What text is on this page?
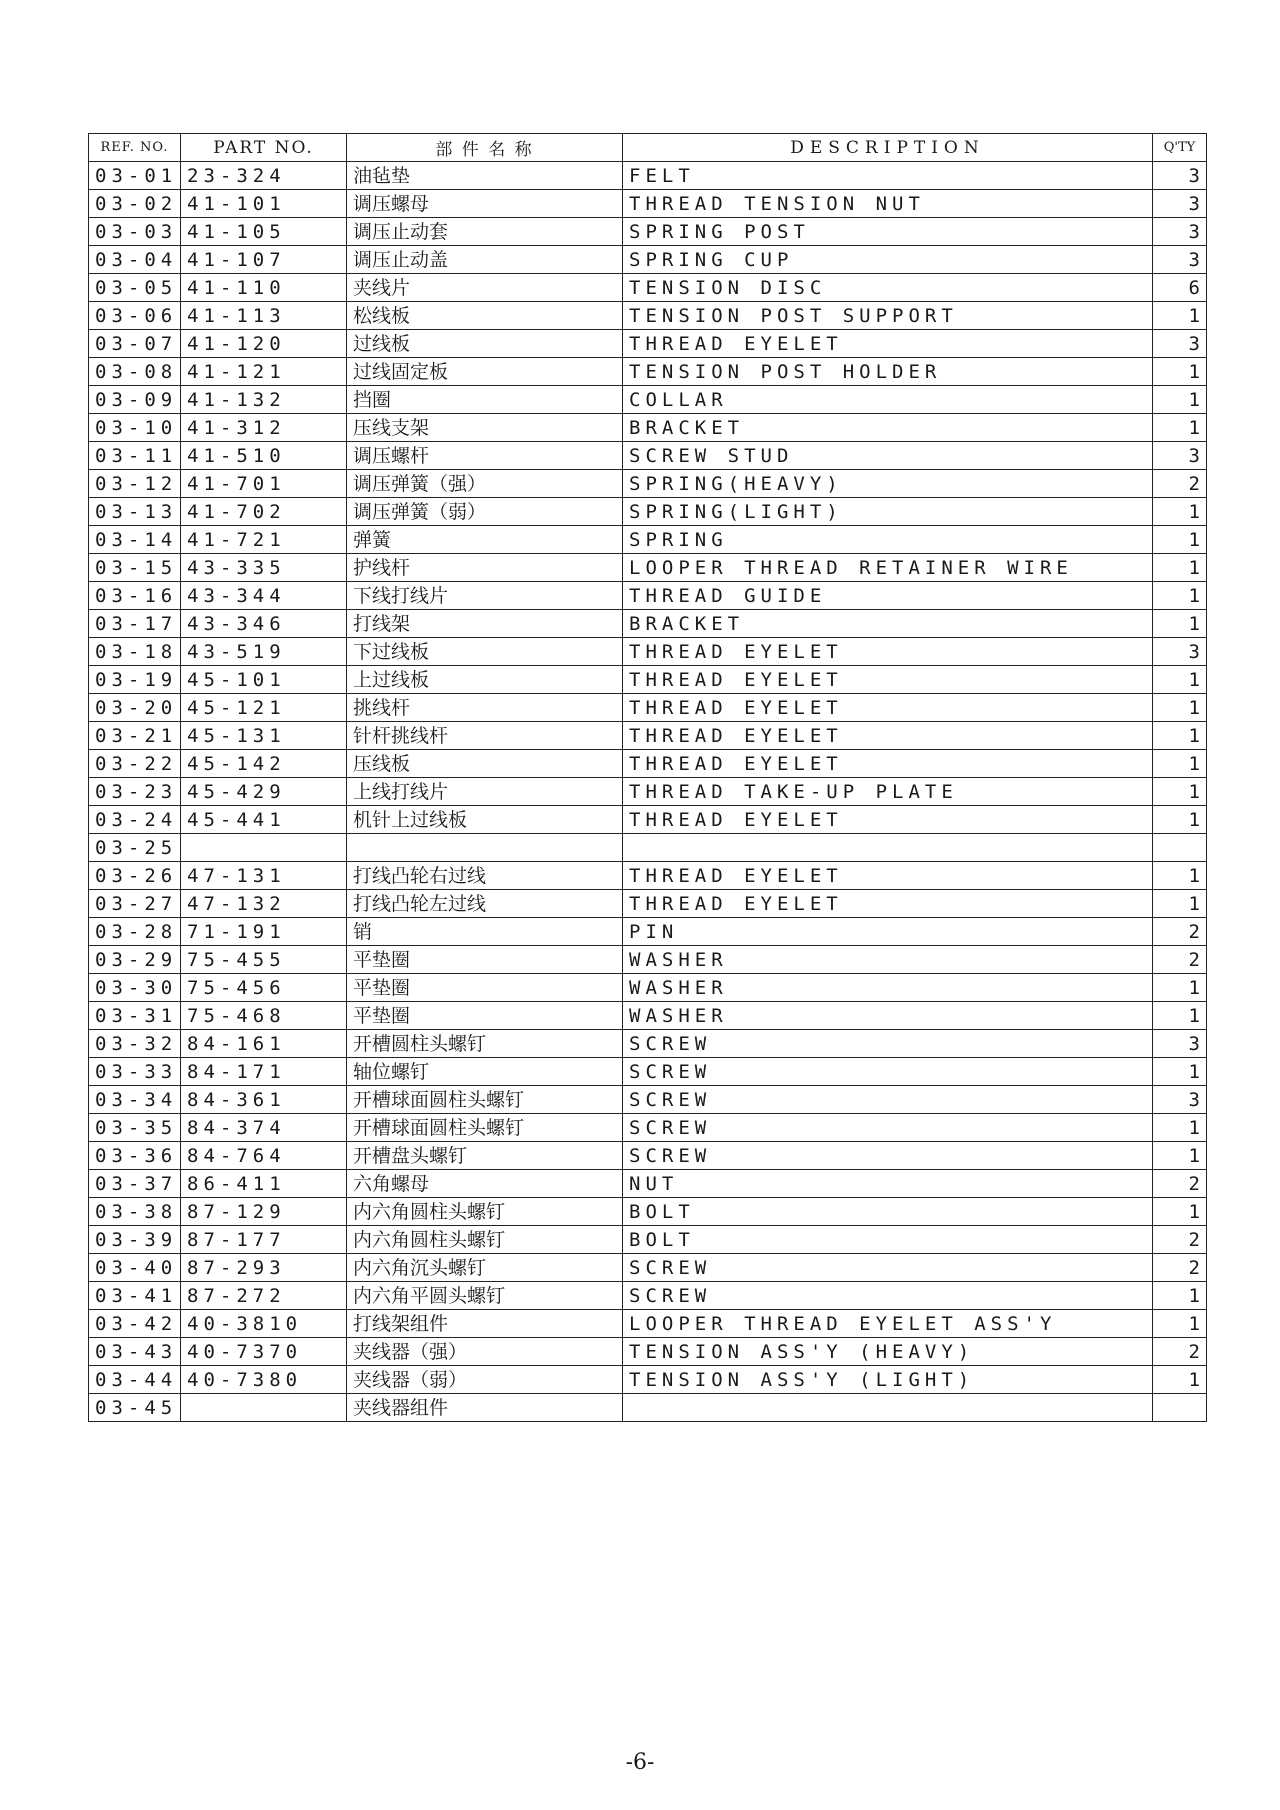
REF. NO.	PART NO.	部 件 名 称	DESCRIPTION	Q'TY
03-01	23-324	油毡垫	FELT	3
03-02	41-101	调压螺母	THREAD TENSION NUT	3
03-03	41-105	调压止动套	SPRING POST	3
03-04	41-107	调压止动盖	SPRING CUP	3
03-05	41-110	夹线片	TENSION DISC	6
03-06	41-113	松线板	TENSION POST SUPPORT	1
03-07	41-120	过线板	THREAD EYELET	3
03-08	41-121	过线固定板	TENSION POST HOLDER	1
03-09	41-132	挡圈	COLLAR	1
03-10	41-312	压线支架	BRACKET	1
03-11	41-510	调压螺杆	SCREW STUD	3
03-12	41-701	调压弹簧（强）	SPRING(HEAVY)	2
03-13	41-702	调压弹簧（弱）	SPRING(LIGHT)	1
03-14	41-721	弹簧	SPRING	1
03-15	43-335	护线杆	LOOPER THREAD RETAINER WIRE	1
03-16	43-344	下线打线片	THREAD GUIDE	1
03-17	43-346	打线架	BRACKET	1
03-18	43-519	下过线板	THREAD EYELET	3
03-19	45-101	上过线板	THREAD EYELET	1
03-20	45-121	挑线杆	THREAD EYELET	1
03-21	45-131	针杆挑线杆	THREAD EYELET	1
03-22	45-142	压线板	THREAD EYELET	1
03-23	45-429	上线打线片	THREAD TAKE-UP PLATE	1
03-24	45-441	机针上过线板	THREAD EYELET	1
03-25				
03-26	47-131	打线凸轮右过线	THREAD EYELET	1
03-27	47-132	打线凸轮左过线	THREAD EYELET	1
03-28	71-191	销	PIN	2
03-29	75-455	平垫圈	WASHER	2
03-30	75-456	平垫圈	WASHER	1
03-31	75-468	平垫圈	WASHER	1
03-32	84-161	开槽圆柱头螺钉	SCREW	3
03-33	84-171	轴位螺钉	SCREW	1
03-34	84-361	开槽球面圆柱头螺钉	SCREW	3
03-35	84-374	开槽球面圆柱头螺钉	SCREW	1
03-36	84-764	开槽盘头螺钉	SCREW	1
03-37	86-411	六角螺母	NUT	2
03-38	87-129	内六角圆柱头螺钉	BOLT	1
03-39	87-177	内六角圆柱头螺钉	BOLT	2
03-40	87-293	内六角沉头螺钉	SCREW	2
03-41	87-272	内六角平圆头螺钉	SCREW	1
03-42	40-3810	打线架组件	LOOPER THREAD EYELET ASS'Y	1
03-43	40-7370	夹线器（强）	TENSION ASS'Y (HEAVY)	2
03-44	40-7380	夹线器（弱）	TENSION ASS'Y (LIGHT)	1
03-45		夹线器组件		
-6-
